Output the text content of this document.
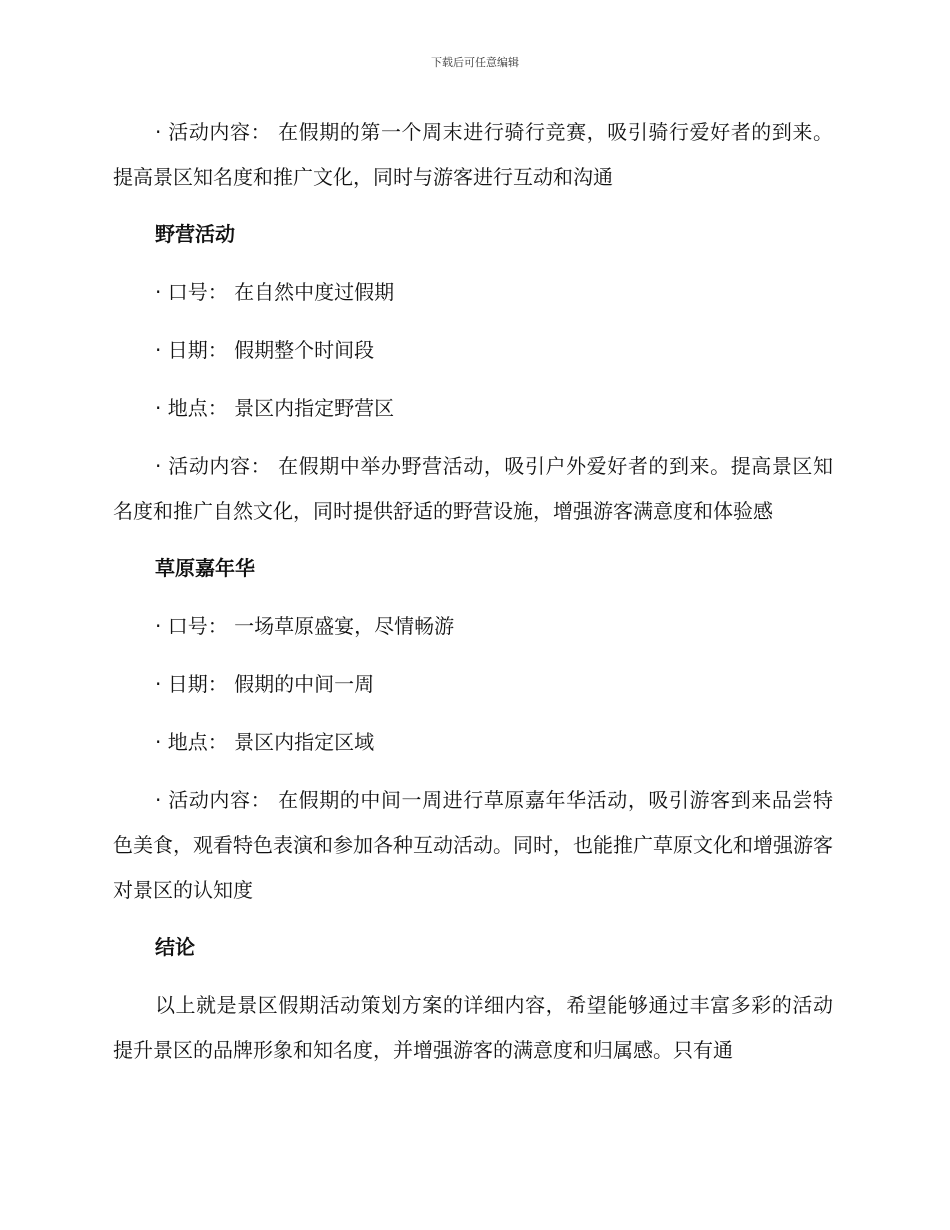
下载后可任意编辑

· 活动内容： 在假期的第一个周末进行骑行竞赛，吸引骑行爱好者的到来。提高景区知名度和推广文化，同时与游客进行互动和沟通

野营活动

· 口号： 在自然中度过假期

· 日期： 假期整个时间段

· 地点： 景区内指定野营区

· 活动内容： 在假期中举办野营活动，吸引户外爱好者的到来。提高景区知名度和推广自然文化，同时提供舒适的野营设施，增强游客满意度和体验感

草原嘉年华

· 口号： 一场草原盛宴，尽情畅游

· 日期： 假期的中间一周

· 地点： 景区内指定区域

· 活动内容： 在假期的中间一周进行草原嘉年华活动，吸引游客到来品尝特色美食，观看特色表演和参加各种互动活动。同时，也能推广草原文化和增强游客对景区的认知度

结论

以上就是景区假期活动策划方案的详细内容，希望能够通过丰富多彩的活动提升景区的品牌形象和知名度，并增强游客的满意度和归属感。只有通
